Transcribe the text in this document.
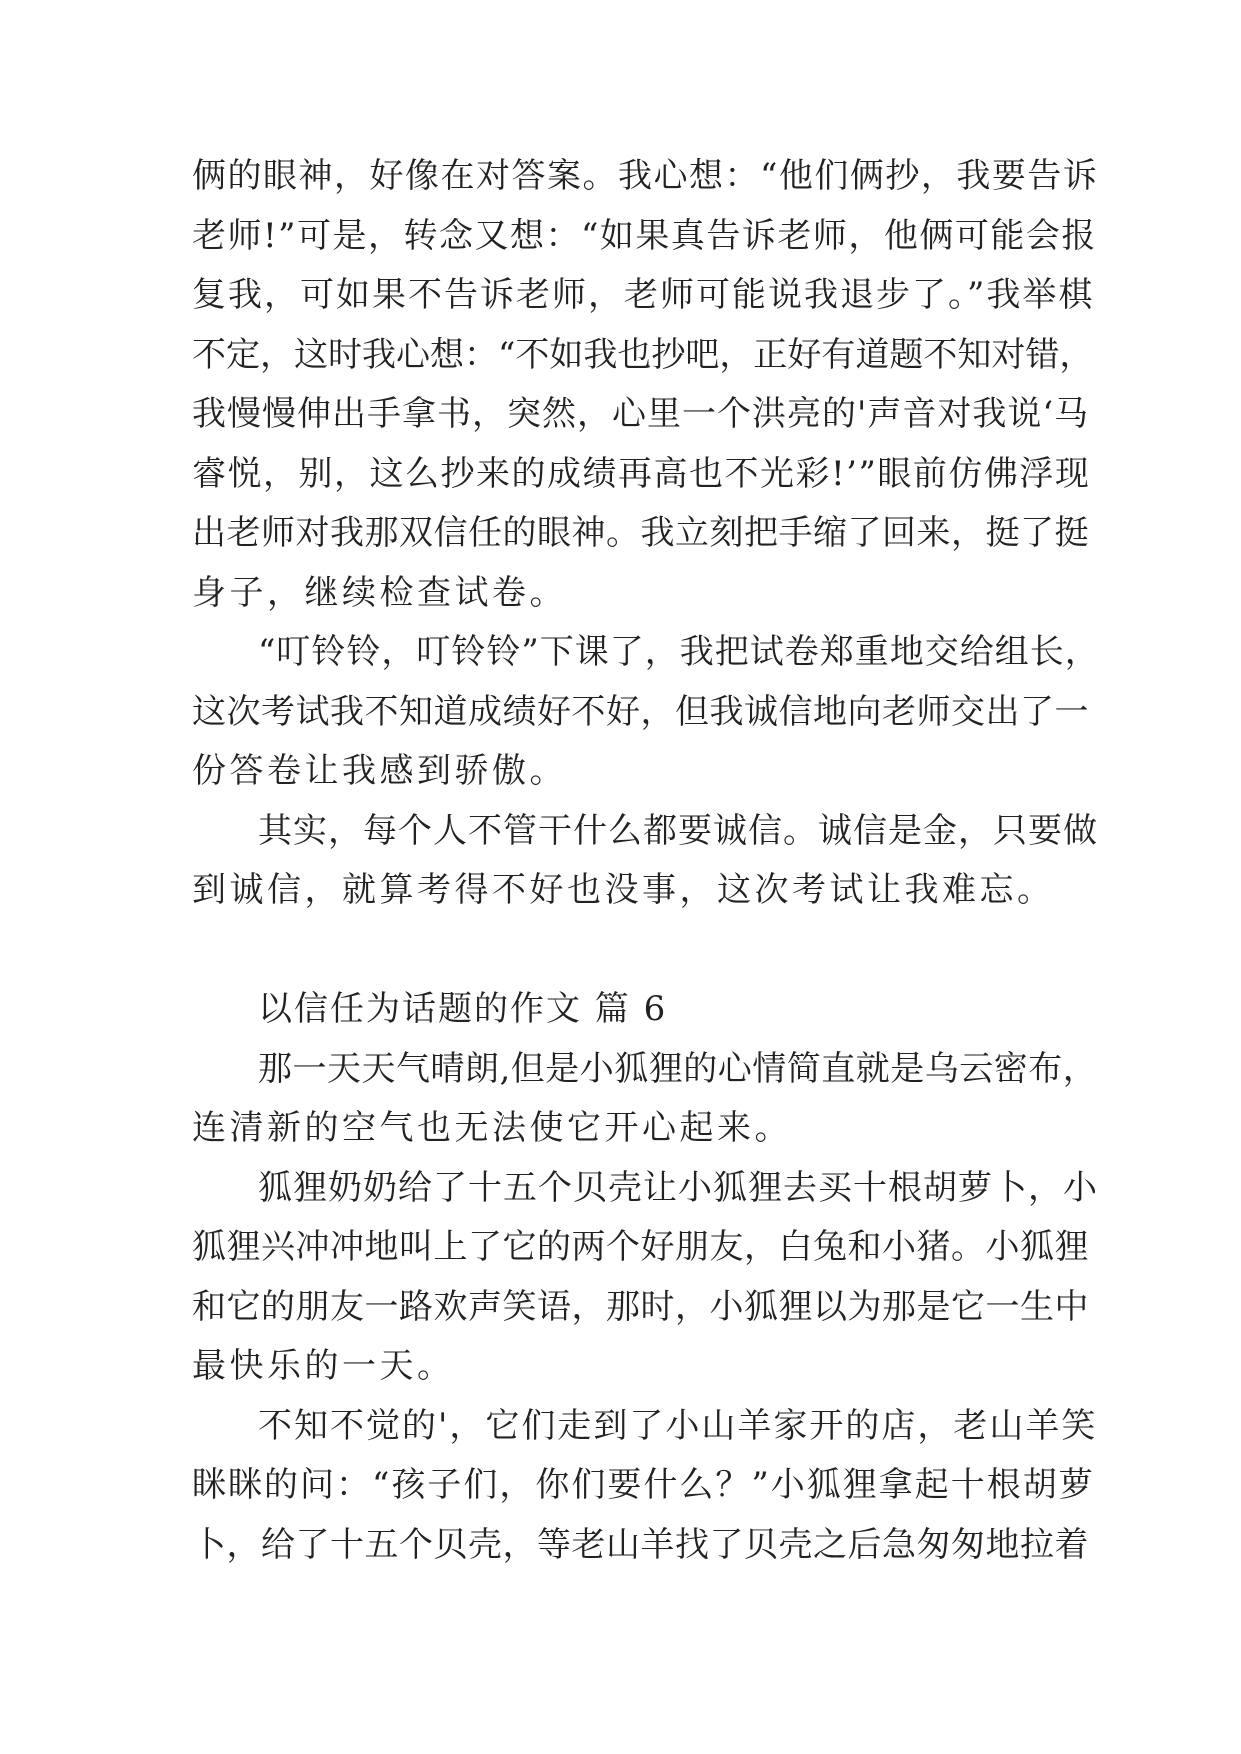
俩的眼神，好像在对答案。我心想：“他们俩抄，我要告诉
老师!”可是，转念又想：“如果真告诉老师，他俩可能会报
复我，可如果不告诉老师，老师可能说我退步了。”我举棋
不定，这时我心想：“不如我也抄吧，正好有道题不知对错，
我慢慢伸出手拿书，突然，心里一个洪亮的'声音对我说‘马
睿悦，别，这么抄来的成绩再高也不光彩!’”眼前仿佛浮现
出老师对我那双信任的眼神。我立刻把手缩了回来，挺了挺
身子，继续检查试卷。
“叮铃铃，叮铃铃”下课了，我把试卷郑重地交给组长，
这次考试我不知道成绩好不好，但我诚信地向老师交出了一
份答卷让我感到骄傲。
其实，每个人不管干什么都要诚信。诚信是金，只要做
到诚信，就算考得不好也没事，这次考试让我难忘。
以信任为话题的作文 篇 6
那一天天气晴朗,但是小狐狸的心情简直就是乌云密布，
连清新的空气也无法使它开心起来。
狐狸奶奶给了十五个贝壳让小狐狸去买十根胡萝卜，小
狐狸兴冲冲地叫上了它的两个好朋友，白兔和小猪。小狐狸
和它的朋友一路欢声笑语，那时，小狐狸以为那是它一生中
最快乐的一天。
不知不觉的'，它们走到了小山羊家开的店，老山羊笑
眯眯的问：“孩子们，你们要什么？”小狐狸拿起十根胡萝
卜，给了十五个贝壳，等老山羊找了贝壳之后急匆匆地拉着
